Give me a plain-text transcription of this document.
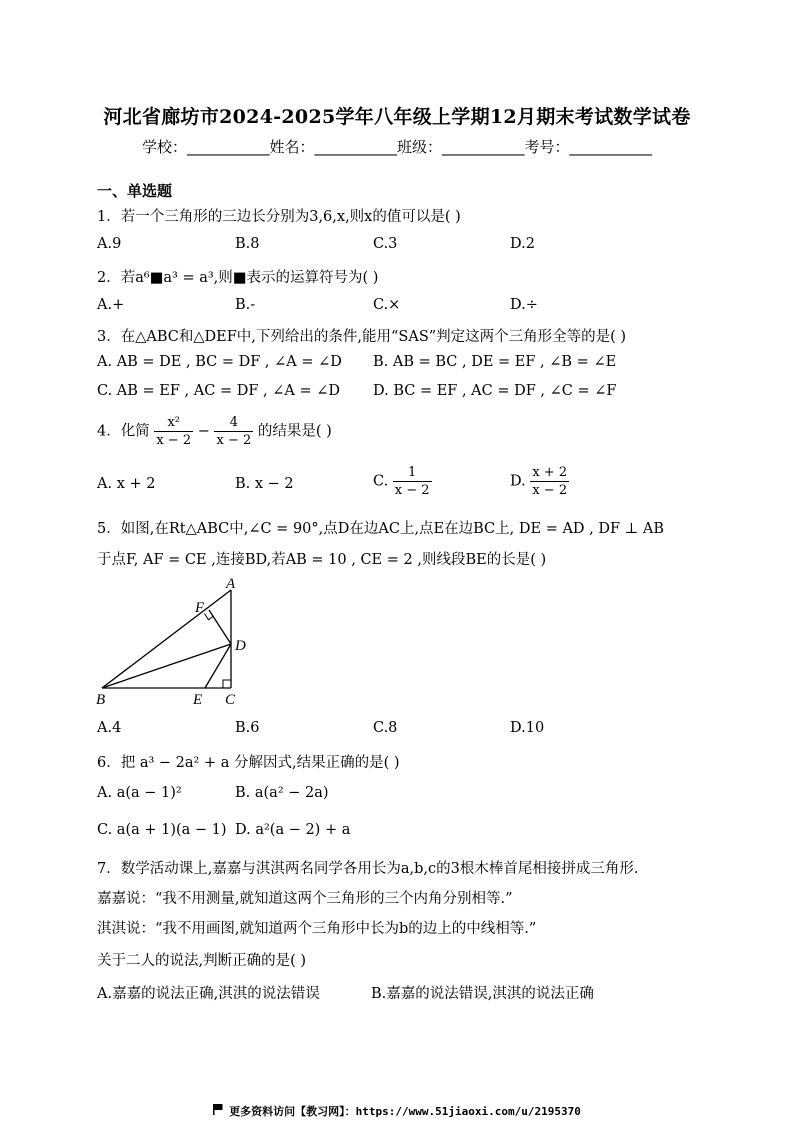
河北省廊坊市2024-2025学年八年级上学期12月期末考试数学试卷
学校：___________姓名：___________班级：___________考号：___________
一、单选题
1．若一个三角形的三边长分别为3,6,x,则x的值可以是( )
A.9	B.8	C.3	D.2
2．若a⁶■a³ = a³,则■表示的运算符号为( )
A.+	B.-	C.×	D.÷
3．在△ABC和△DEF中,下列给出的条件,能用“SAS”判定这两个三角形全等的是( )
A. AB = DE , BC = DF , ∠A = ∠D B. AB = BC , DE = EF , ∠B = ∠E
C. AB = EF , AC = DF , ∠A = ∠D D. BC = EF , AC = DF , ∠C = ∠F
4．化简 $\frac{\text{x²}}{x - 2} - \frac{4}{x - 2}$ 的结果是( )
A. x + 2	B. x − 2	C. $\frac{1}{x - 2}$	D. $\frac{x + 2}{x - 2}$
5．如图,在Rt△ABC中,∠C = 90°,点D在边AC上,点E在边BC上, DE = AD , DF ⊥ AB
于点F, AF = CE ,连接BD,若AB = 10 , CE = 2 ,则线段BE的长是( )
A
F
D
B	E C
A.4	B.6	C.8	D.10
6．把 a³ − 2a² + a 分解因式,结果正确的是( )
A. a(a − 1)²	B. a(a² − 2a)
C. a(a + 1)(a − 1) D. a²(a − 2) + a
7．数学活动课上,嘉嘉与淇淇两名同学各用长为a,b,c的3根木棒首尾相接拼成三角形.
嘉嘉说：“我不用测量,就知道这两个三角形的三个内角分别相等.”
淇淇说：“我不用画图,就知道两个三角形中长为b的边上的中线相等.”
关于二人的说法,判断正确的是( )
A.嘉嘉的说法正确,淇淇的说法错误	B.嘉嘉的说法错误,淇淇的说法正确
更多资料访问【教习网】：https://www.51jiaoxi.com/u/2195370
